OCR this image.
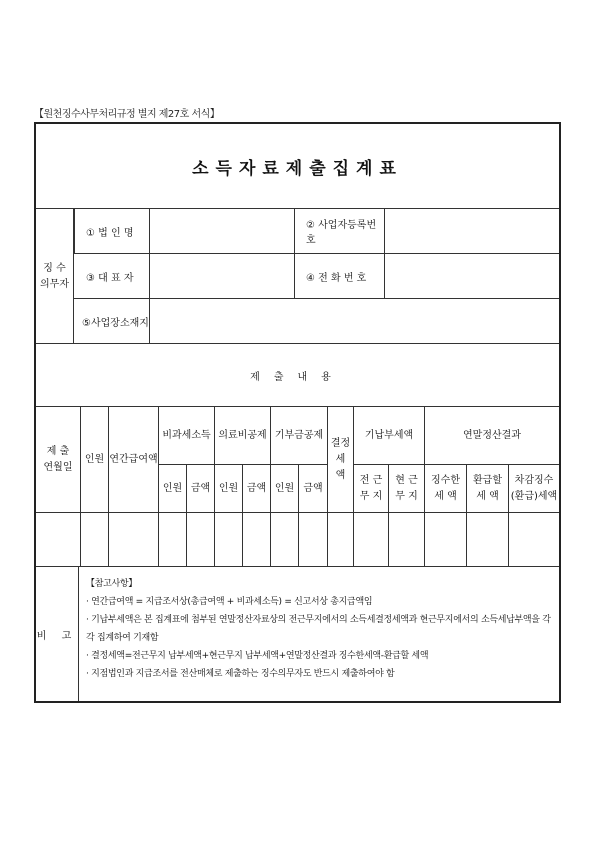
【원천징수사무처리규정 별지 제27호 서식】
소득자료제출집계표
징 수
의무자
① 법 인 명
② 사업자등록번호
③ 대 표 자	④ 전 화 번 호
⑤사업장소재지
제출내용
제 출
연월일
인원 연간급여액
비과세소득 의료비공제 기부금공제
결정
세
액
기납부세액	연말정산결과
인원 금액 인원 금액 인원 금액
전 근
무 지
현 근
무 지
징수한
세 액
환급할
세 액
차감징수
(환급)세액
비 고

【참고사항】

· 연간급여액 = 지급조서상(총급여액 + 비과세소득) = 신고서상 총지급액임

· 기납부세액은 본 집계표에 첨부된 연말정산자료상의 전근무지에서의 소득세결정세액과 현근무지에서의 소득세납부액을 각각 집계하여 기재함

· 결정세액=전근무지 납부세액+현근무지 납부세액+연말정산결과 징수한세액-환급할 세액

· 지점법인과 지급조서를 전산매체로 제출하는 징수의무자도 반드시 제출하여야 함
